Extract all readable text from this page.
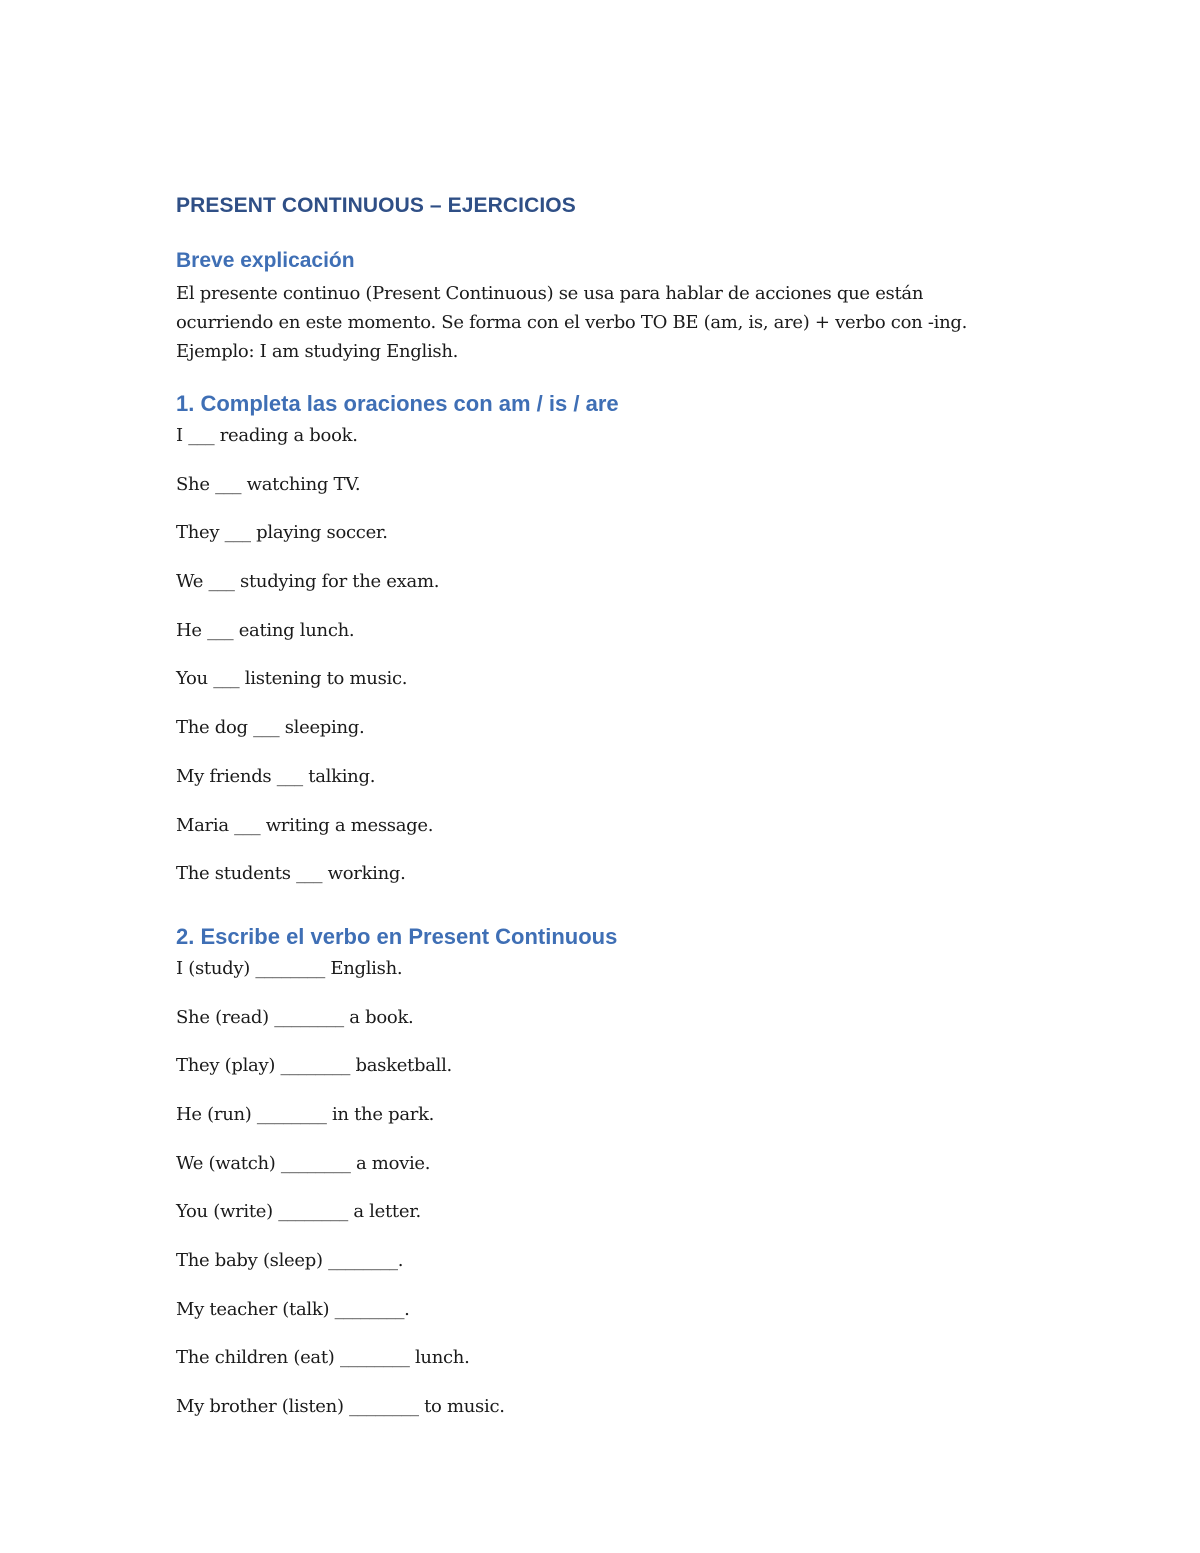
PRESENT CONTINUOUS – EJERCICIOS
Breve explicación

El presente continuo (Present Continuous) se usa para hablar de acciones que están
ocurriendo en este momento. Se forma con el verbo TO BE (am, is, are) + verbo con -ing.
Ejemplo: I am studying English.

1. Completa las oraciones con am / is / are
I ___ reading a book.
She ___ watching TV.
They ___ playing soccer.
We ___ studying for the exam.
He ___ eating lunch.
You ___ listening to music.
The dog ___ sleeping.
My friends ___ talking.
Maria ___ writing a message.
The students ___ working.
2. Escribe el verbo en Present Continuous
I (study) ________ English.
She (read) ________ a book.
They (play) ________ basketball.
He (run) ________ in the park.
We (watch) ________ a movie.
You (write) ________ a letter.
The baby (sleep) ________.
My teacher (talk) ________.
The children (eat) ________ lunch.
My brother (listen) ________ to music.
